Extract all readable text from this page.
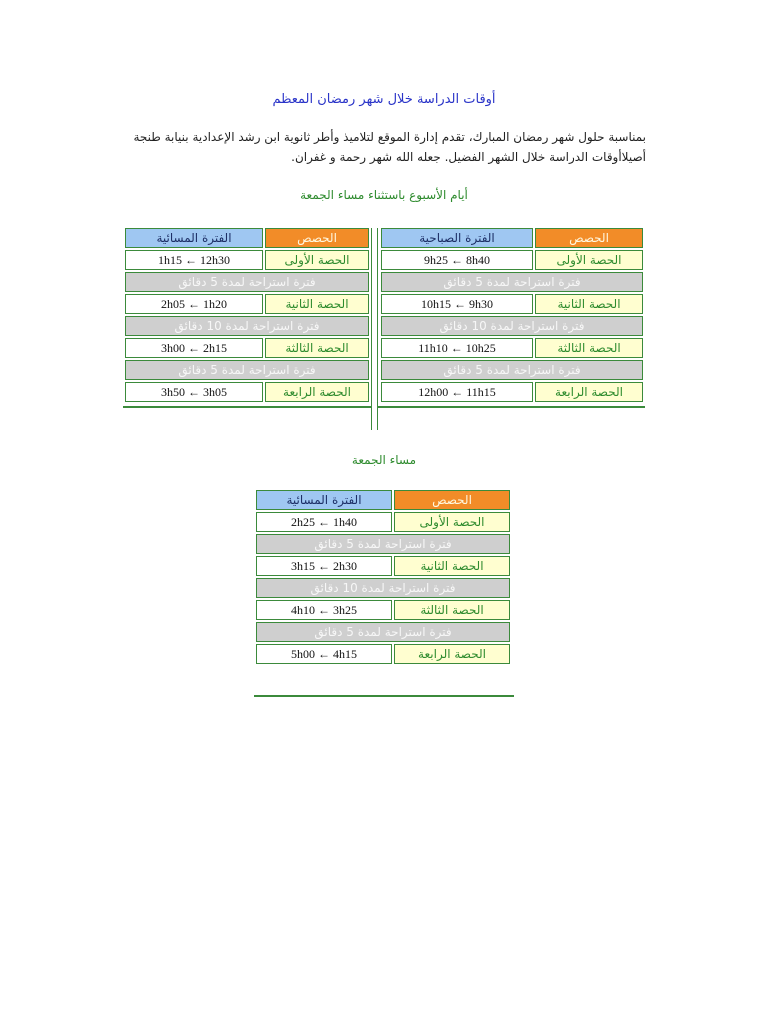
أوقات الدراسة خلال شهر رمضان المعظم
بمناسبة حلول شهر رمضان المبارك، تقدم إدارة الموقع لتلاميذ وأطر ثانوية ابن رشد الإعدادية بنيابة طنجة أصيلاأوقات الدراسة خلال الشهر الفضيل. جعله الله شهر رحمة و غفران.
أيام الأسبوع باستثناء مساء الجمعة
الحصص	الفترة الصباحية
الحصة الأولى	9h25 ← 8h40
فترة استراحة لمدة 5 دقائق	
الحصة الثانية	10h15 ← 9h30
فترة استراحة لمدة 10 دقائق	
الحصة الثالثة	11h10 ← 10h25
فترة استراحة لمدة 5 دقائق	
الحصة الرابعة	12h00 ← 11h15
الحصص	الفترة المسائية
الحصة الأولى	1h15 ← 12h30
فترة استراحة لمدة 5 دقائق	
الحصة الثانية	2h05 ← 1h20
فترة استراحة لمدة 10 دقائق	
الحصة الثالثة	3h00 ← 2h15
فترة استراحة لمدة 5 دقائق	
الحصة الرابعة	3h50 ← 3h05
مساء الجمعة
الحصص	الفترة المسائية
الحصة الأولى	2h25 ← 1h40
فترة استراحة لمدة 5 دقائق	
الحصة الثانية	3h15 ← 2h30
فترة استراحة لمدة 10 دقائق	
الحصة الثالثة	4h10 ← 3h25
فترة استراحة لمدة 5 دقائق	
الحصة الرابعة	5h00 ← 4h15
